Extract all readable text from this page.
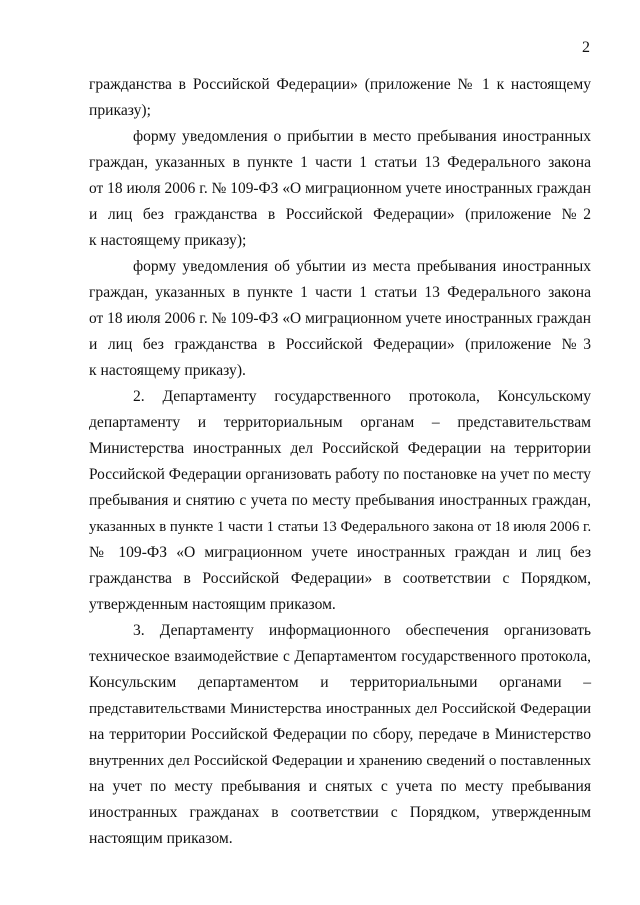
2
гражданства в Российской Федерации» (приложение № 1 к настоящему
приказу);
форму уведомления о прибытии в место пребывания иностранных
граждан, указанных в пункте 1 части 1 статьи 13 Федерального закона
от 18 июля 2006 г. № 109-ФЗ «О миграционном учете иностранных граждан
и лиц без гражданства в Российской Федерации» (приложение №2
к настоящему приказу);
форму уведомления об убытии из места пребывания иностранных
граждан, указанных в пункте 1 части 1 статьи 13 Федерального закона
от 18 июля 2006 г. № 109-ФЗ «О миграционном учете иностранных граждан
и лиц без гражданства в Российской Федерации» (приложение №3
к настоящему приказу).
2. Департаменту государственного протокола, Консульскому
департаменту и территориальным органам – представительствам
Министерства иностранных дел Российской Федерации на территории
Российской Федерации организовать работу по постановке на учет по месту
пребывания и снятию с учета по месту пребывания иностранных граждан,
указанных в пункте 1 части 1 статьи 13 Федерального закона от 18 июля 2006 г.
№ 109-ФЗ «О миграционном учете иностранных граждан и лиц без
гражданства в Российской Федерации» в соответствии с Порядком,
утвержденным настоящим приказом.
3. Департаменту информационного обеспечения организовать
техническое взаимодействие с Департаментом государственного протокола,
Консульским департаментом и территориальными органами –
представительствами Министерства иностранных дел Российской Федерации
на территории Российской Федерации по сбору, передаче в Министерство
внутренних дел Российской Федерации и хранению сведений о поставленных
на учет по месту пребывания и снятых с учета по месту пребывания
иностранных гражданах в соответствии с Порядком, утвержденным
настоящим приказом.
